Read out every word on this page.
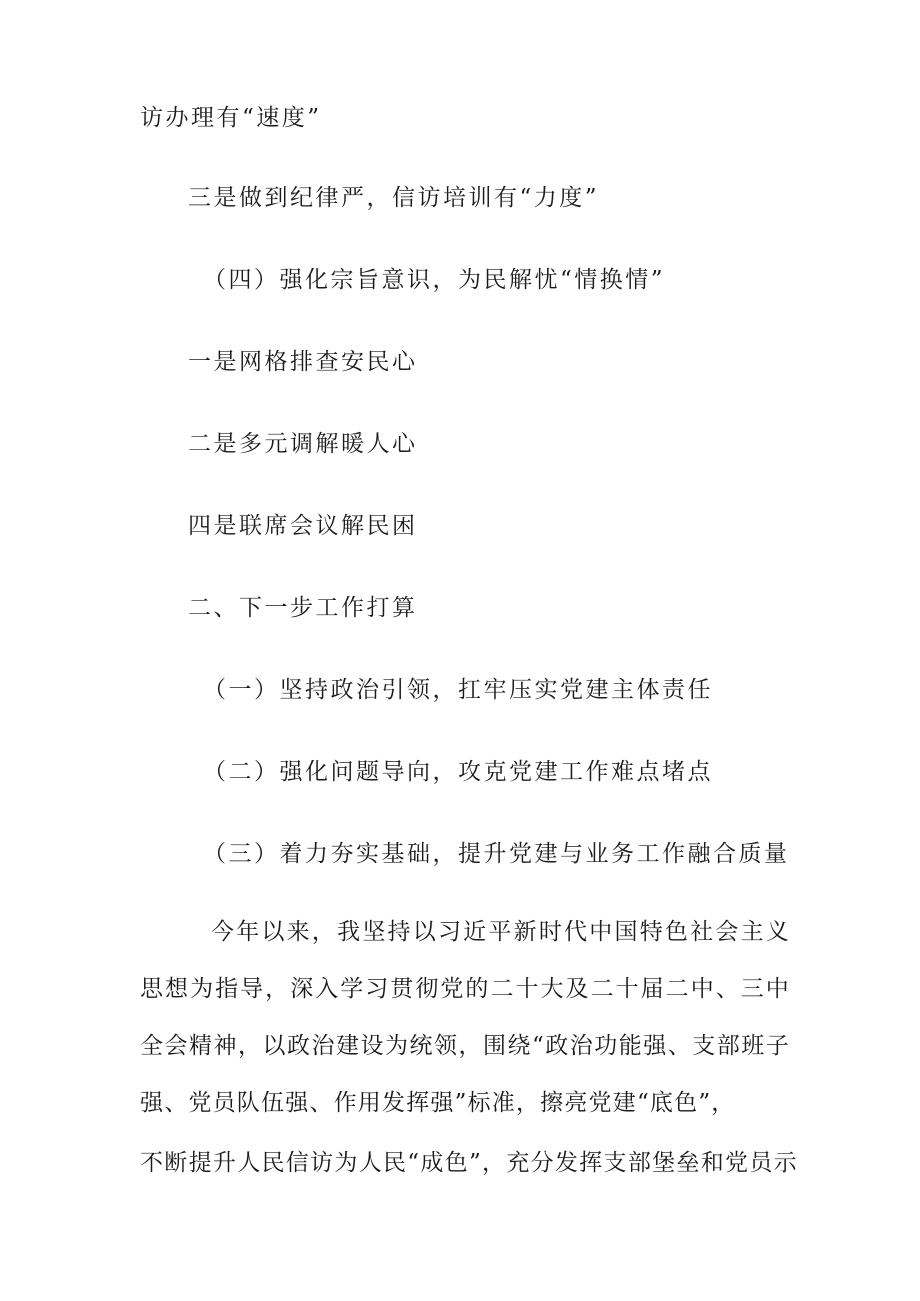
访办理有“速度”
三是做到纪律严，信访培训有“力度”
（四）强化宗旨意识，为民解忧“情换情”
一是网格排查安民心
二是多元调解暖人心
四是联席会议解民困
二、下一步工作打算
（一）坚持政治引领，扛牢压实党建主体责任
（二）强化问题导向，攻克党建工作难点堵点
（三）着力夯实基础，提升党建与业务工作融合质量
今年以来，我坚持以习近平新时代中国特色社会主义思想为指导，深入学习贯彻党的二十大及二十届二中、三中全会精神，以政治建设为统领，围绕“政治功能强、支部班子强、党员队伍强、作用发挥强”标准，擦亮党建“底色”，
不断提升人民信访为人民“成色”，充分发挥支部堡垒和党员示
